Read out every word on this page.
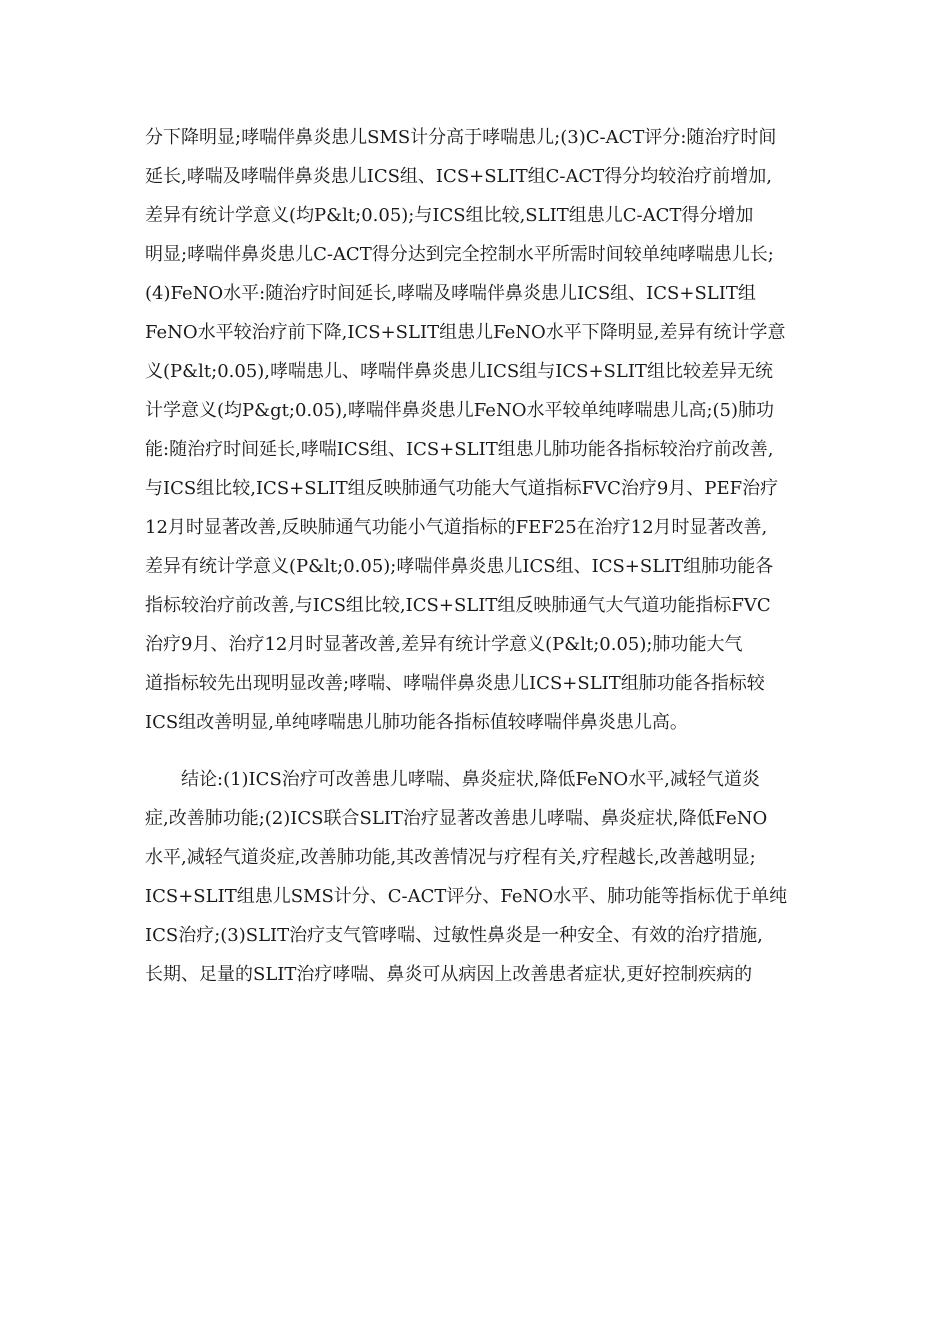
分下降明显;哮喘伴鼻炎患儿SMS计分高于哮喘患儿;(3)C-ACT评分:随治疗时间
延长,哮喘及哮喘伴鼻炎患儿ICS组、ICS+SLIT组C-ACT得分均较治疗前增加,
差异有统计学意义(均P&lt;0.05);与ICS组比较,SLIT组患儿C-ACT得分增加
明显;哮喘伴鼻炎患儿C-ACT得分达到完全控制水平所需时间较单纯哮喘患儿长;
(4)FeNO水平:随治疗时间延长,哮喘及哮喘伴鼻炎患儿ICS组、ICS+SLIT组
FeNO水平较治疗前下降,ICS+SLIT组患儿FeNO水平下降明显,差异有统计学意
义(P&lt;0.05),哮喘患儿、哮喘伴鼻炎患儿ICS组与ICS+SLIT组比较差异无统
计学意义(均P&gt;0.05),哮喘伴鼻炎患儿FeNO水平较单纯哮喘患儿高;(5)肺功
能:随治疗时间延长,哮喘ICS组、ICS+SLIT组患儿肺功能各指标较治疗前改善,
与ICS组比较,ICS+SLIT组反映肺通气功能大气道指标FVC治疗9月、PEF治疗
12月时显著改善,反映肺通气功能小气道指标的FEF25在治疗12月时显著改善,
差异有统计学意义(P&lt;0.05);哮喘伴鼻炎患儿ICS组、ICS+SLIT组肺功能各
指标较治疗前改善,与ICS组比较,ICS+SLIT组反映肺通气大气道功能指标FVC
治疗9月、治疗12月时显著改善,差异有统计学意义(P&lt;0.05);肺功能大气
道指标较先出现明显改善;哮喘、哮喘伴鼻炎患儿ICS+SLIT组肺功能各指标较
ICS组改善明显,单纯哮喘患儿肺功能各指标值较哮喘伴鼻炎患儿高。
结论:(1)ICS治疗可改善患儿哮喘、鼻炎症状,降低FeNO水平,减轻气道炎
症,改善肺功能;(2)ICS联合SLIT治疗显著改善患儿哮喘、鼻炎症状,降低FeNO
水平,减轻气道炎症,改善肺功能,其改善情况与疗程有关,疗程越长,改善越明显;
ICS+SLIT组患儿SMS计分、C-ACT评分、FeNO水平、肺功能等指标优于单纯
ICS治疗;(3)SLIT治疗支气管哮喘、过敏性鼻炎是一种安全、有效的治疗措施,
长期、足量的SLIT治疗哮喘、鼻炎可从病因上改善患者症状,更好控制疾病的
